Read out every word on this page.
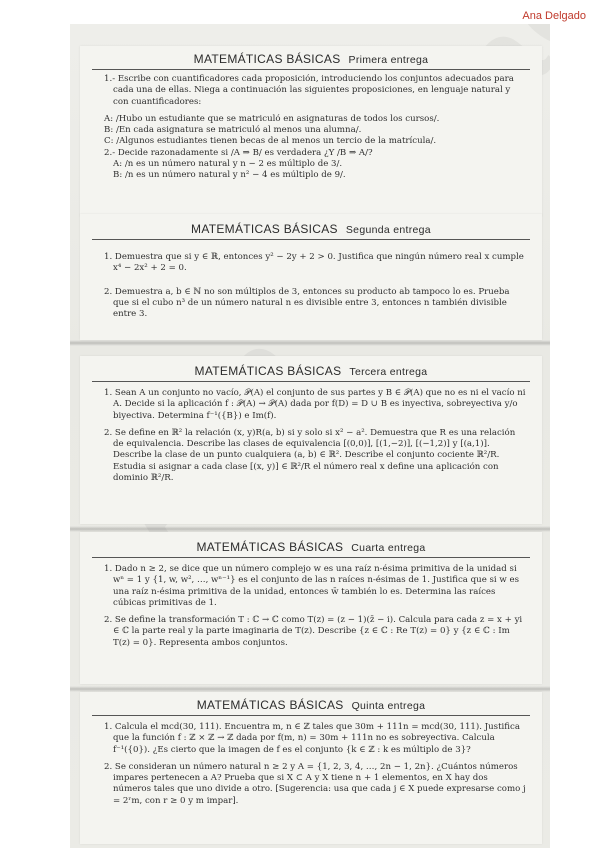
Ana Delgado
MATEMÁTICAS BÁSICAS Primera entrega
1.- Escribe con cuantificadores cada proposición, introduciendo los conjuntos adecuados para cada una de ellas. Niega a continuación las siguientes proposiciones, en lenguaje natural y con cuantificadores:
A: /Hubo un estudiante que se matriculó en asignaturas de todos los cursos/.
B: /En cada asignatura se matriculó al menos una alumna/.
C: /Algunos estudiantes tienen becas de al menos un tercio de la matrícula/.
2.- Decide razonadamente si /A ⇒ B/ es verdadera ¿Y /B ⇒ A/?
A: /n es un número natural y n − 2 es múltiplo de 3/.
B: /n es un número natural y n² − 4 es múltiplo de 9/.
MATEMÁTICAS BÁSICAS Segunda entrega
1. Demuestra que si y ∈ ℝ, entonces y² − 2y + 2 > 0. Justifica que ningún número real x cumple x⁴ − 2x² + 2 = 0.
2. Demuestra a, b ∈ ℕ no son múltiplos de 3, entonces su producto ab tampoco lo es. Prueba que si el cubo n³ de un número natural n es divisible entre 3, entonces n también divisible entre 3.
MATEMÁTICAS BÁSICAS Tercera entrega
1. Sean A un conjunto no vacío, 𝒫(A) el conjunto de sus partes y B ∈ 𝒫(A) que no es ni el vacío ni A. Decide si la aplicación f : 𝒫(A) → 𝒫(A) dada por f(D) = D ∪ B es inyectiva, sobreyectiva y/o biyectiva. Determina f⁻¹({B}) e Im(f).
2. Se define en ℝ² la relación (x, y)R(a, b) si y solo si x² − a². Demuestra que R es una relación de equivalencia. Describe las clases de equivalencia [(0,0)], [(1,−2)], [(−1,2)] y [(a,1)]. Describe la clase de un punto cualquiera (a, b) ∈ ℝ². Describe el conjunto cociente ℝ²/R. Estudia si asignar a cada clase [(x, y)] ∈ ℝ²/R el número real x define una aplicación con dominio ℝ²/R.
MATEMÁTICAS BÁSICAS Cuarta entrega
1. Dado n ≥ 2, se dice que un número complejo w es una raíz n-ésima primitiva de la unidad si wⁿ = 1 y {1, w, w², …, wⁿ⁻¹} es el conjunto de las n raíces n-ésimas de 1. Justifica que si w es una raíz n-ésima primitiva de la unidad, entonces w̄ también lo es. Determina las raíces cúbicas primitivas de 1.
2. Se define la transformación T : ℂ → ℂ como T(z) = (z − 1)(z̄ − i). Calcula para cada z = x + yi ∈ ℂ la parte real y la parte imaginaria de T(z). Describe {z ∈ ℂ : Re T(z) = 0} y {z ∈ ℂ : Im T(z) = 0}. Representa ambos conjuntos.
MATEMÁTICAS BÁSICAS Quinta entrega
1. Calcula el mcd(30, 111). Encuentra m, n ∈ ℤ tales que 30m + 111n = mcd(30, 111). Justifica que la función f : ℤ × ℤ → ℤ dada por f(m, n) = 30m + 111n no es sobreyectiva. Calcula f⁻¹({0}). ¿Es cierto que la imagen de f es el conjunto {k ∈ ℤ : k es múltiplo de 3}?
2. Se consideran un número natural n ≥ 2 y A = {1, 2, 3, 4, …, 2n − 1, 2n}. ¿Cuántos números impares pertenecen a A? Prueba que si X ⊂ A y X tiene n + 1 elementos, en X hay dos números tales que uno divide a otro. [Sugerencia: usa que cada j ∈ X puede expresarse como j = 2ʳm, con r ≥ 0 y m impar].
